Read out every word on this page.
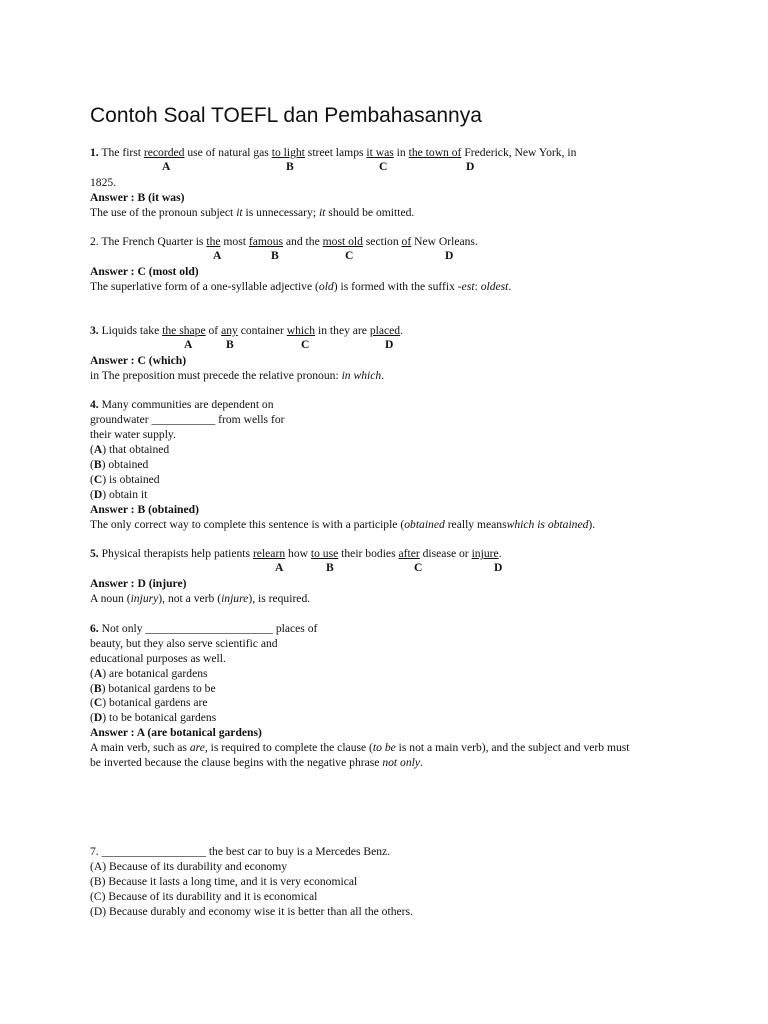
Contoh Soal TOEFL dan Pembahasannya

1. The first recorded use of natural gas to light street lamps it was in the town of Frederick, New York, in

A	B	C	D

1825.

Answer : B (it was)

The use of the pronoun subject it is unnecessary; it should be omitted.

2. The French Quarter is the most famous and the most old section of New Orleans.

A	B	C	D

Answer : C (most old)

The superlative form of a one-syllable adjective (old) is formed with the suffix -est: oldest.

3. Liquids take the shape of any container which in they are placed.

A	B	C	D

Answer : C (which)

in The preposition must precede the relative pronoun: in which.

4. Many communities are dependent on

groundwater ___________ from wells for

their water supply.

(A) that obtained

(B) obtained

(C) is obtained

(D) obtain it

Answer : B (obtained)

The only correct way to complete this sentence is with a participle (obtained really meanswhich is obtained).

5. Physical therapists help patients relearn how to use their bodies after disease or injure.

A	B	C	D

Answer : D (injure)

A noun (injury), not a verb (injure), is required.

6. Not only ______________________ places of

beauty, but they also serve scientific and

educational purposes as well.

(A) are botanical gardens

(B) botanical gardens to be

(C) botanical gardens are

(D) to be botanical gardens

Answer : A (are botanical gardens)

A main verb, such as are, is required to complete the clause (to be is not a main verb), and the subject and verb must

be inverted because the clause begins with the negative phrase not only.

7. __________________ the best car to buy is a Mercedes Benz.

(A) Because of its durability and economy

(B) Because it lasts a long time, and it is very economical

(C) Because of its durability and it is economical

(D) Because durably and economy wise it is better than all the others.
